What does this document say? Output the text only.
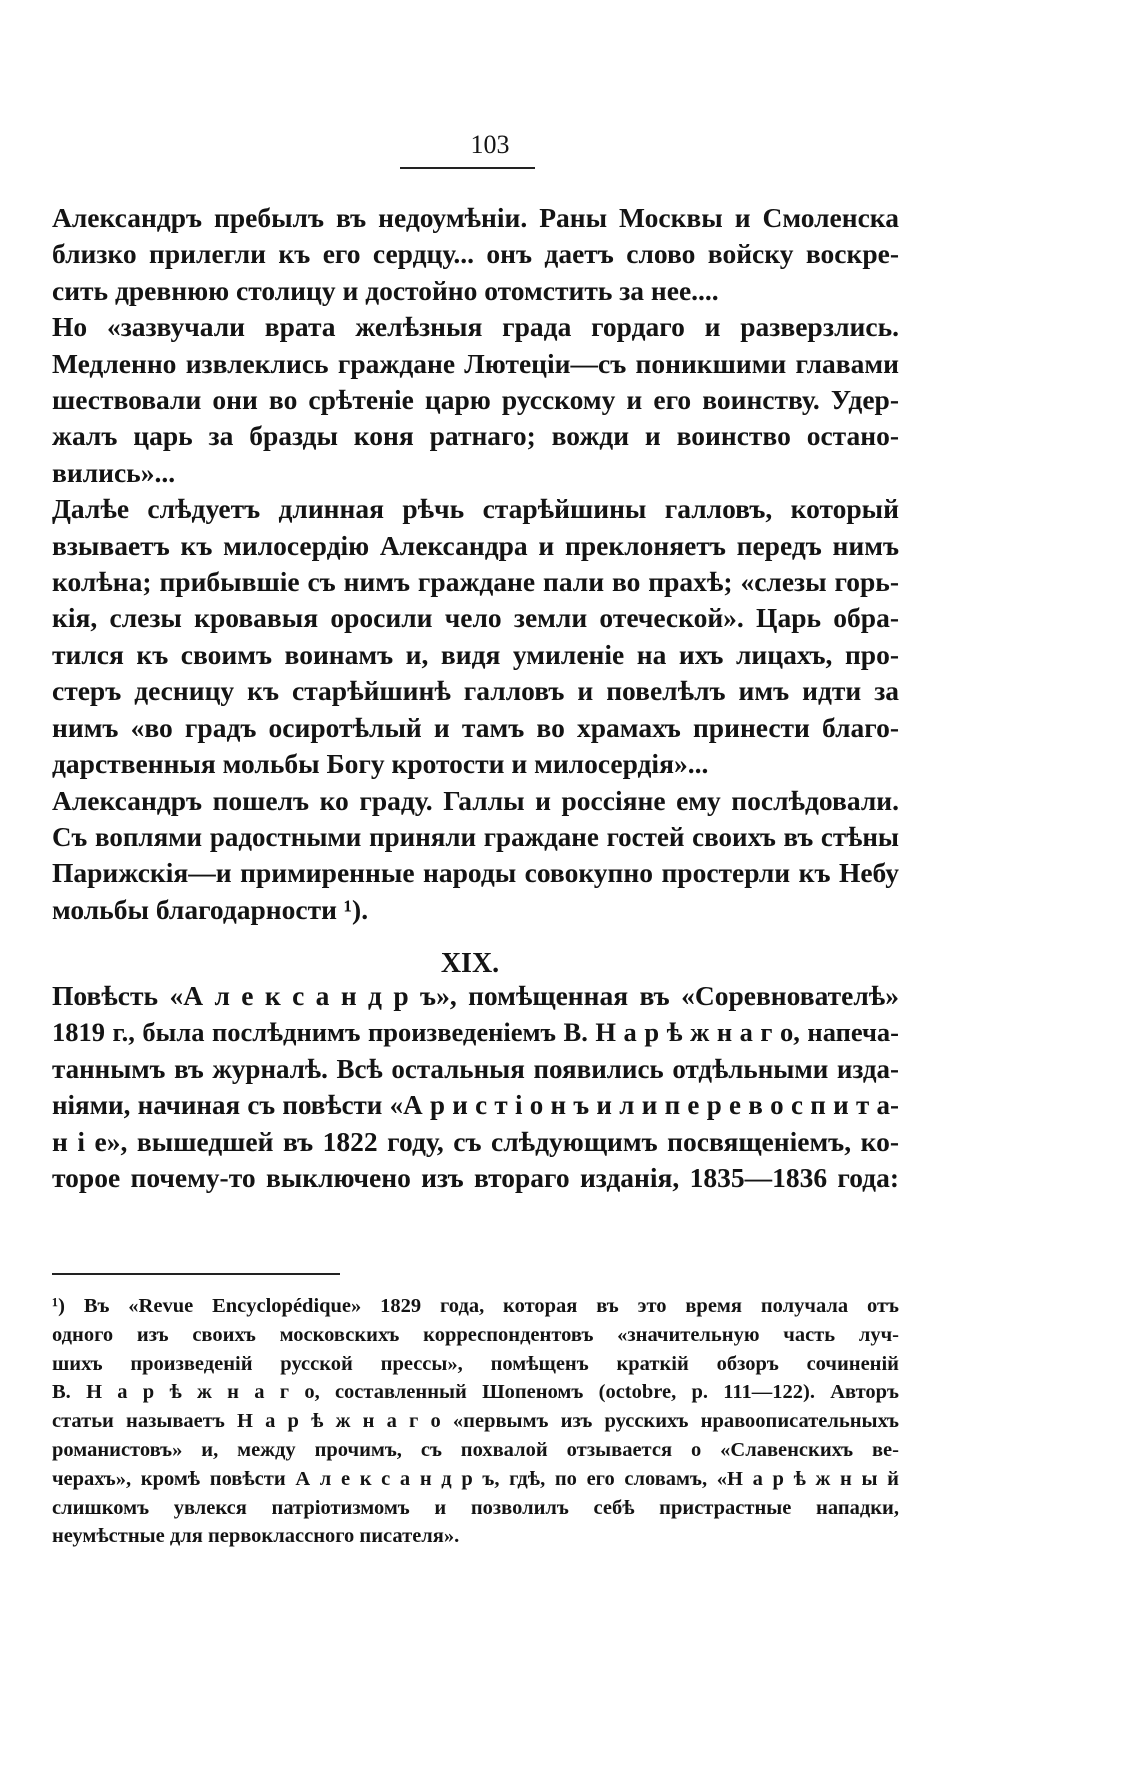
103
Александръ пребылъ въ недоумѣніи. Раны Москвы и Смоленска
близко прилегли къ его сердцу... онъ даетъ слово войску воскре-
сить древнюю столицу и достойно отомстить за нее....
Но «зазвучали врата желѣзныя града гордаго и разверзлись.
Медленно извлеклись граждане Лютеціи—съ поникшими главами
шествовали они во срѣтеніе царю русскому и его воинству. Удер-
жалъ царь за бразды коня ратнаго; вожди и воинство остано-
вились»...
Далѣе слѣдуетъ длинная рѣчь старѣйшины галловъ, который
взываетъ къ милосердію Александра и преклоняетъ передъ нимъ
колѣна; прибывшіе съ нимъ граждане пали во прахѣ; «слезы горь-
кія, слезы кровавыя оросили чело земли отеческой». Царь обра-
тился къ своимъ воинамъ и, видя умиленіе на ихъ лицахъ, про-
стеръ десницу къ старѣйшинѣ галловъ и повелѣлъ имъ идти за
нимъ «во градъ осиротѣлый и тамъ во храмахъ принести благо-
дарственныя мольбы Богу кротости и милосердія»...
Александръ пошелъ ко граду. Галлы и россіяне ему послѣдовали.
Съ воплями радостными приняли граждане гостей своихъ въ стѣны
Парижскія—и примиренные народы совокупно простерли къ Небу
мольбы благодарности ¹).
XIX.
Повѣсть «А л е к с а н д р ъ», помѣщенная въ «Соревнователѣ»
1819 г., была послѣднимъ произведеніемъ В. Н а р ѣ ж н а г о, напеча-
таннымъ въ журналѣ. Всѣ остальныя появились отдѣльными изда-
ніями, начиная съ повѣсти «А р и с т і о н ъ и л и п е р е в о с п и т а-
н і е», вышедшей въ 1822 году, съ слѣдующимъ посвященіемъ, ко-
торое почему-то выключено изъ втораго изданія, 1835—1836 года:
¹) Въ «Revue Encyclopédique» 1829 года, которая въ это время получала отъ
одного изъ своихъ московскихъ корреспондентовъ «значительную часть луч-
шихъ произведеній русской прессы», помѣщенъ краткій обзоръ сочиненій
В. Н а р ѣ ж н а г о, составленный Шопеномъ (octobre, p. 111—122). Авторъ
статьи называетъ Н а р ѣ ж н а г о «первымъ изъ русскихъ нравоописательныхъ
романистовъ» и, между прочимъ, съ похвалой отзывается о «Славенскихъ ве-
черахъ», кромѣ повѣсти А л е к с а н д р ъ, гдѣ, по его словамъ, «Н а р ѣ ж н ы й
слишкомъ увлекся патріотизмомъ и позволилъ себѣ пристрастные нападки,
неумѣстные для первоклассного писателя».
